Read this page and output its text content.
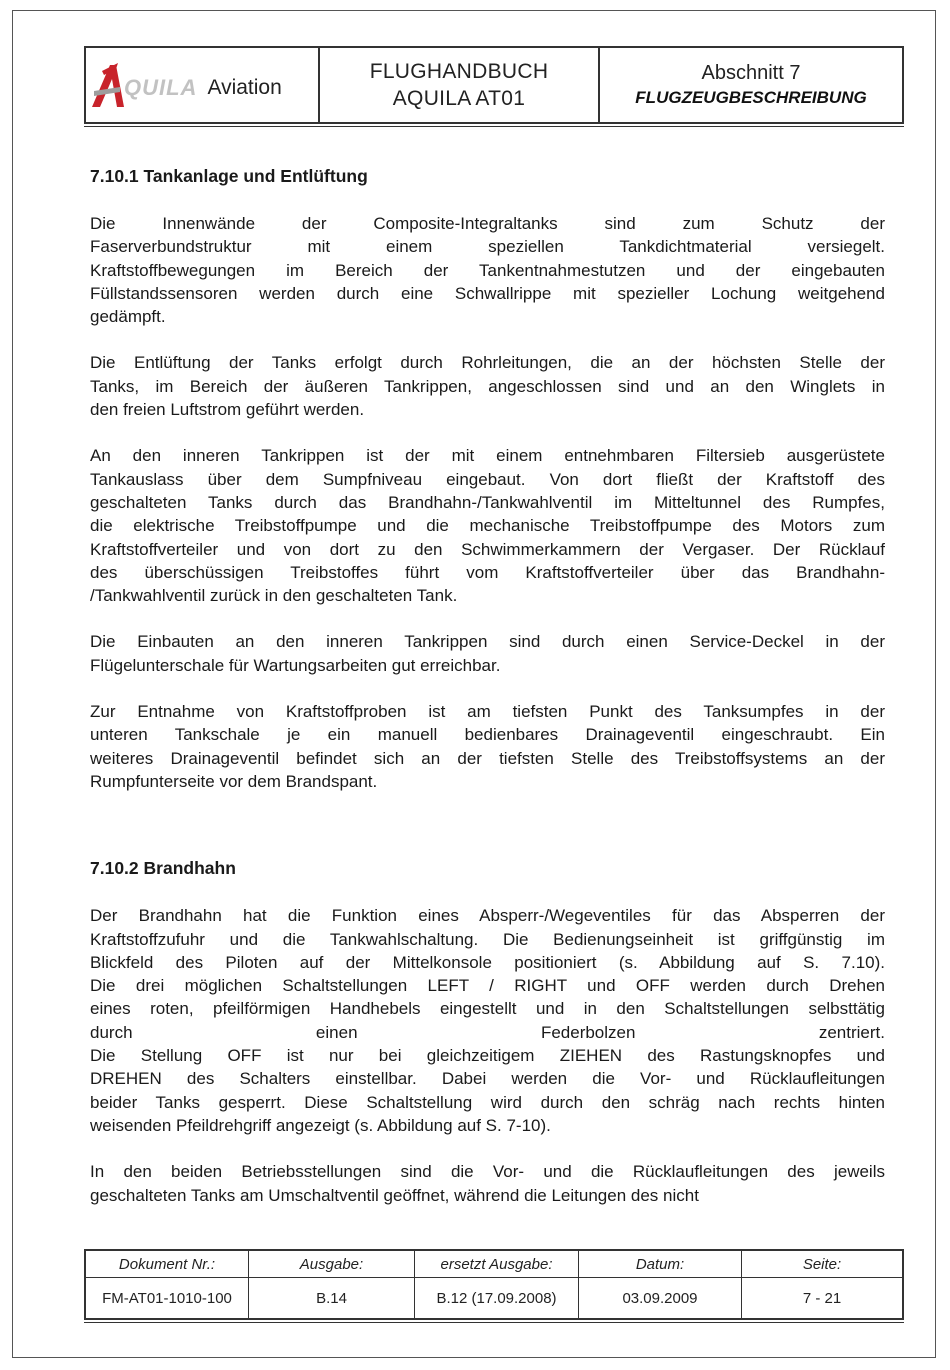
QUILA Aviation
FLUGHANDBUCH
AQUILA AT01
Abschnitt 7
FLUGZEUGBESCHREIBUNG
7.10.1 Tankanlage und Entlüftung
Die Innenwände der Composite-Integraltanks sind zum Schutz der
Faserverbundstruktur mit einem speziellen Tankdichtmaterial versiegelt.
Kraftstoffbewegungen im Bereich der Tankentnahmestutzen und der eingebauten
Füllstandssensoren werden durch eine Schwallrippe mit spezieller Lochung weitgehend
gedämpft.
Die Entlüftung der Tanks erfolgt durch Rohrleitungen, die an der höchsten Stelle der
Tanks, im Bereich der äußeren Tankrippen, angeschlossen sind und an den Winglets in
den freien Luftstrom geführt werden.
An den inneren Tankrippen ist der mit einem entnehmbaren Filtersieb ausgerüstete
Tankauslass über dem Sumpfniveau eingebaut. Von dort fließt der Kraftstoff des
geschalteten Tanks durch das Brandhahn-/Tankwahlventil im Mitteltunnel des Rumpfes,
die elektrische Treibstoffpumpe und die mechanische Treibstoffpumpe des Motors zum
Kraftstoffverteiler und von dort zu den Schwimmerkammern der Vergaser. Der Rücklauf
des überschüssigen Treibstoffes führt vom Kraftstoffverteiler über das Brandhahn-
/Tankwahlventil zurück in den geschalteten Tank.
Die Einbauten an den inneren Tankrippen sind durch einen Service-Deckel in der
Flügelunterschale für Wartungsarbeiten gut erreichbar.
Zur Entnahme von Kraftstoffproben ist am tiefsten Punkt des Tanksumpfes in der
unteren Tankschale je ein manuell bedienbares Drainageventil eingeschraubt. Ein
weiteres Drainageventil befindet sich an der tiefsten Stelle des Treibstoffsystems an der
Rumpfunterseite vor dem Brandspant.
7.10.2 Brandhahn
Der Brandhahn hat die Funktion eines Absperr-/Wegeventiles für das Absperren der
Kraftstoffzufuhr und die Tankwahlschaltung. Die Bedienungseinheit ist griffgünstig im
Blickfeld des Piloten auf der Mittelkonsole positioniert (s. Abbildung auf S. 7.10).
Die drei möglichen Schaltstellungen LEFT / RIGHT und OFF werden durch Drehen
eines roten, pfeilförmigen Handhebels eingestellt und in den Schaltstellungen selbsttätig
durch einen Federbolzen zentriert.
Die Stellung OFF ist nur bei gleichzeitigem ZIEHEN des Rastungsknopfes und
DREHEN des Schalters einstellbar. Dabei werden die Vor- und Rücklaufleitungen
beider Tanks gesperrt. Diese Schaltstellung wird durch den schräg nach rechts hinten
weisenden Pfeildrehgriff angezeigt (s. Abbildung auf S. 7-10).
In den beiden Betriebsstellungen sind die Vor- und die Rücklaufleitungen des jeweils
geschalteten Tanks am Umschaltventil geöffnet, während die Leitungen des nicht
Dokument Nr.:	Ausgabe:	ersetzt Ausgabe:	Datum:	Seite:
FM-AT01-1010-100	B.14	B.12 (17.09.2008)	03.09.2009	7 - 21
